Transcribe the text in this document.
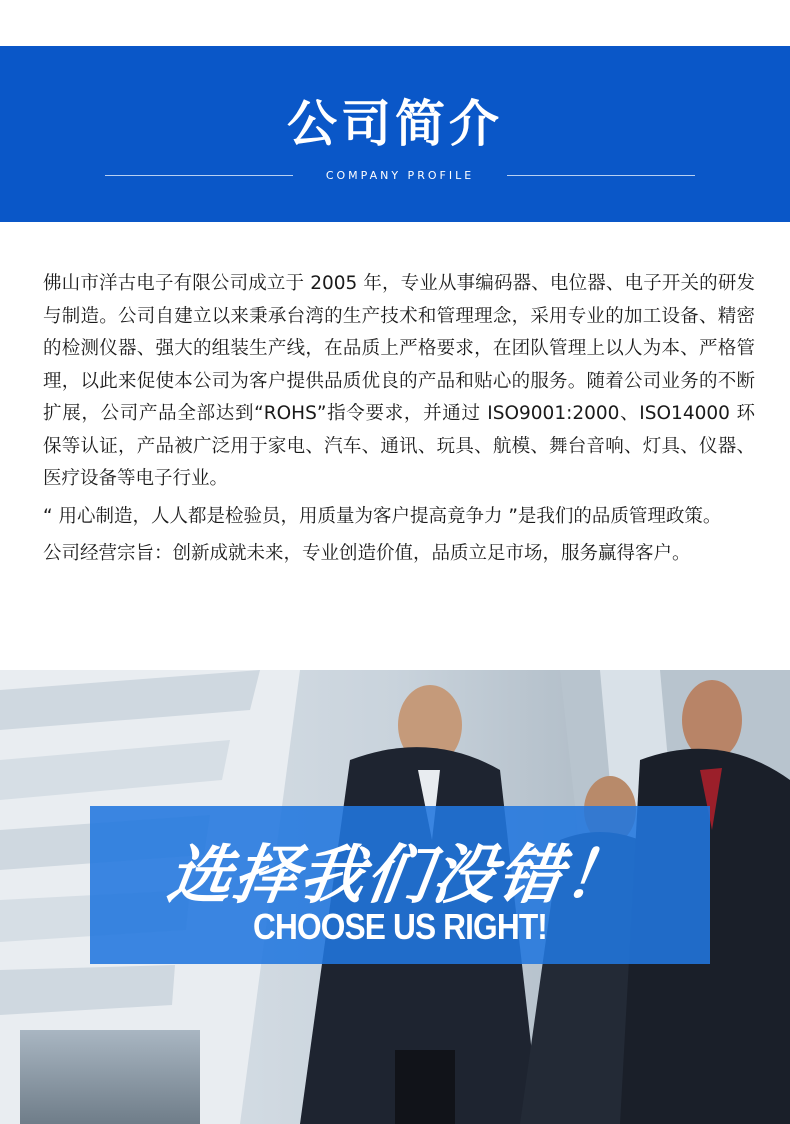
公司简介
COMPANY PROFILE

佛山市洋古电子有限公司成立于 2005 年，专业从事编码器、电位器、电子开关的研发与制造。公司自建立以来秉承台湾的生产技术和管理理念，采用专业的加工设备、精密的检测仪器、强大的组装生产线，在品质上严格要求，在团队管理上以人为本、严格管理，以此来促使本公司为客户提供品质优良的产品和贴心的服务。随着公司业务的不断扩展，公司产品全部达到“ROHS”指令要求，并通过 ISO9001:2000、ISO14000 环保等认证，产品被广泛用于家电、汽车、通讯、玩具、航模、舞台音响、灯具、仪器、医疗设备等电子行业。

“ 用心制造，人人都是检验员，用质量为客户提高竟争力 ”是我们的品质管理政策。

公司经营宗旨：创新成就未来，专业创造价值，品质立足市场，服务赢得客户。

选择我们没错！
CHOOSE US RIGHT!
